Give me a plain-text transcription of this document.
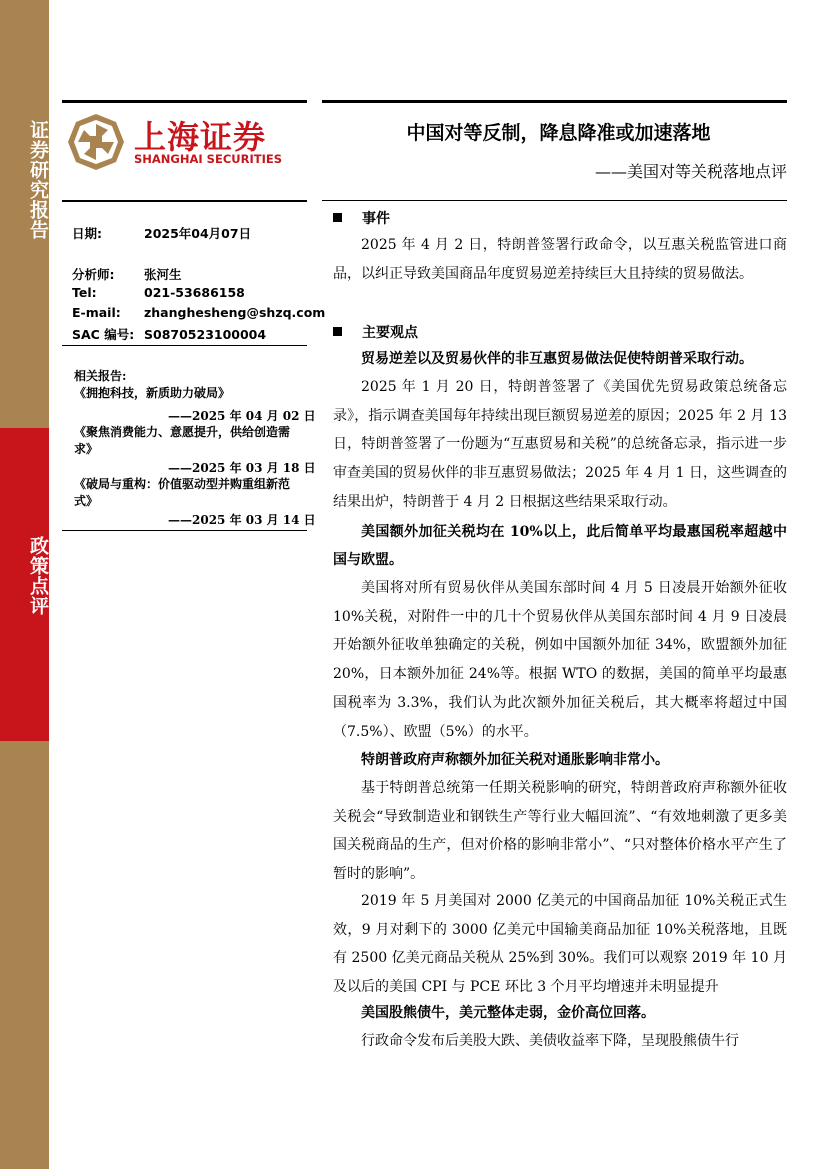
证券研究报告
政策点评
上海证券
SHANGHAI SECURITIES
中国对等反制，降息降准或加速落地
——美国对等关税落地点评
日期:	2025年04月07日
分析师: 张河生
Tel:	021-53686158
E-mail: zhanghesheng@shzq.com
SAC 编号: S0870523100004
相关报告:
《拥抱科技，新质助力破局》
——2025 年 04 月 02 日
《聚焦消费能力、意愿提升，供给创造需求》
——2025 年 03 月 18 日
《破局与重构：价值驱动型并购重组新范式》
——2025 年 03 月 14 日
事件
2025 年 4 月 2 日，特朗普签署行政命令，以互惠关税监管进口商品，以纠正导致美国商品年度贸易逆差持续巨大且持续的贸易做法。
主要观点
贸易逆差以及贸易伙伴的非互惠贸易做法促使特朗普采取行动。
2025 年 1 月 20 日，特朗普签署了《美国优先贸易政策总统备忘录》，指示调查美国每年持续出现巨额贸易逆差的原因；2025 年 2 月 13 日，特朗普签署了一份题为“互惠贸易和关税”的总统备忘录，指示进一步审查美国的贸易伙伴的非互惠贸易做法；2025 年 4 月 1 日，这些调查的结果出炉，特朗普于 4 月 2 日根据这些结果采取行动。
美国额外加征关税均在 10%以上，此后简单平均最惠国税率超越中国与欧盟。
美国将对所有贸易伙伴从美国东部时间 4 月 5 日凌晨开始额外征收 10%关税，对附件一中的几十个贸易伙伴从美国东部时间 4 月 9 日凌晨开始额外征收单独确定的关税，例如中国额外加征 34%，欧盟额外加征 20%，日本额外加征 24%等。根据 WTO 的数据，美国的简单平均最惠国税率为 3.3%，我们认为此次额外加征关税后，其大概率将超过中国（7.5%）、欧盟（5%）的水平。
特朗普政府声称额外加征关税对通胀影响非常小。
基于特朗普总统第一任期关税影响的研究，特朗普政府声称额外征收关税会“导致制造业和钢铁生产等行业大幅回流”、“有效地刺激了更多美国关税商品的生产，但对价格的影响非常小”、“只对整体价格水平产生了暂时的影响”。
2019 年 5 月美国对 2000 亿美元的中国商品加征 10%关税正式生效，9 月对剩下的 3000 亿美元中国输美商品加征 10%关税落地，且既有 2500 亿美元商品关税从 25%到 30%。我们可以观察 2019 年 10 月及以后的美国 CPI 与 PCE 环比 3 个月平均增速并未明显提升
美国股熊债牛，美元整体走弱，金价高位回落。
行政命令发布后美股大跌、美债收益率下降，呈现股熊债牛行
